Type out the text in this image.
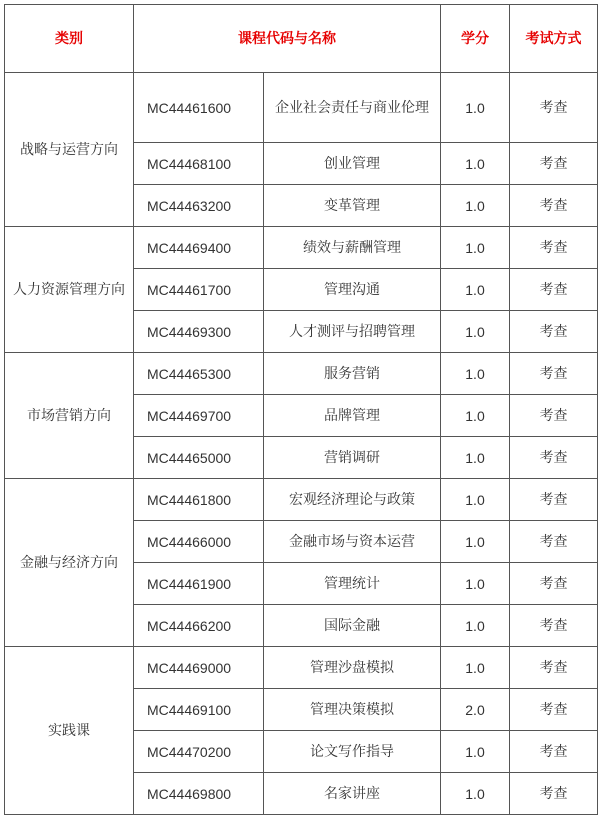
类别	课程代码与名称		学分	考试方式
战略与运营方向	MC44461600	企业社会责任与商业伦理	1.0	考查
	MC44468100	创业管理	1.0	考查
	MC44463200	变革管理	1.0	考查
人力资源管理方向	MC44469400	绩效与薪酬管理	1.0	考查
	MC44461700	管理沟通	1.0	考查
	MC44469300	人才测评与招聘管理	1.0	考查
市场营销方向	MC44465300	服务营销	1.0	考查
	MC44469700	品牌管理	1.0	考查
	MC44465000	营销调研	1.0	考查
金融与经济方向	MC44461800	宏观经济理论与政策	1.0	考查
	MC44466000	金融市场与资本运营	1.0	考查
	MC44461900	管理统计	1.0	考查
	MC44466200	国际金融	1.0	考查
实践课	MC44469000	管理沙盘模拟	1.0	考查
	MC44469100	管理决策模拟	2.0	考查
	MC44470200	论文写作指导	1.0	考查
	MC44469800	名家讲座	1.0	考查
